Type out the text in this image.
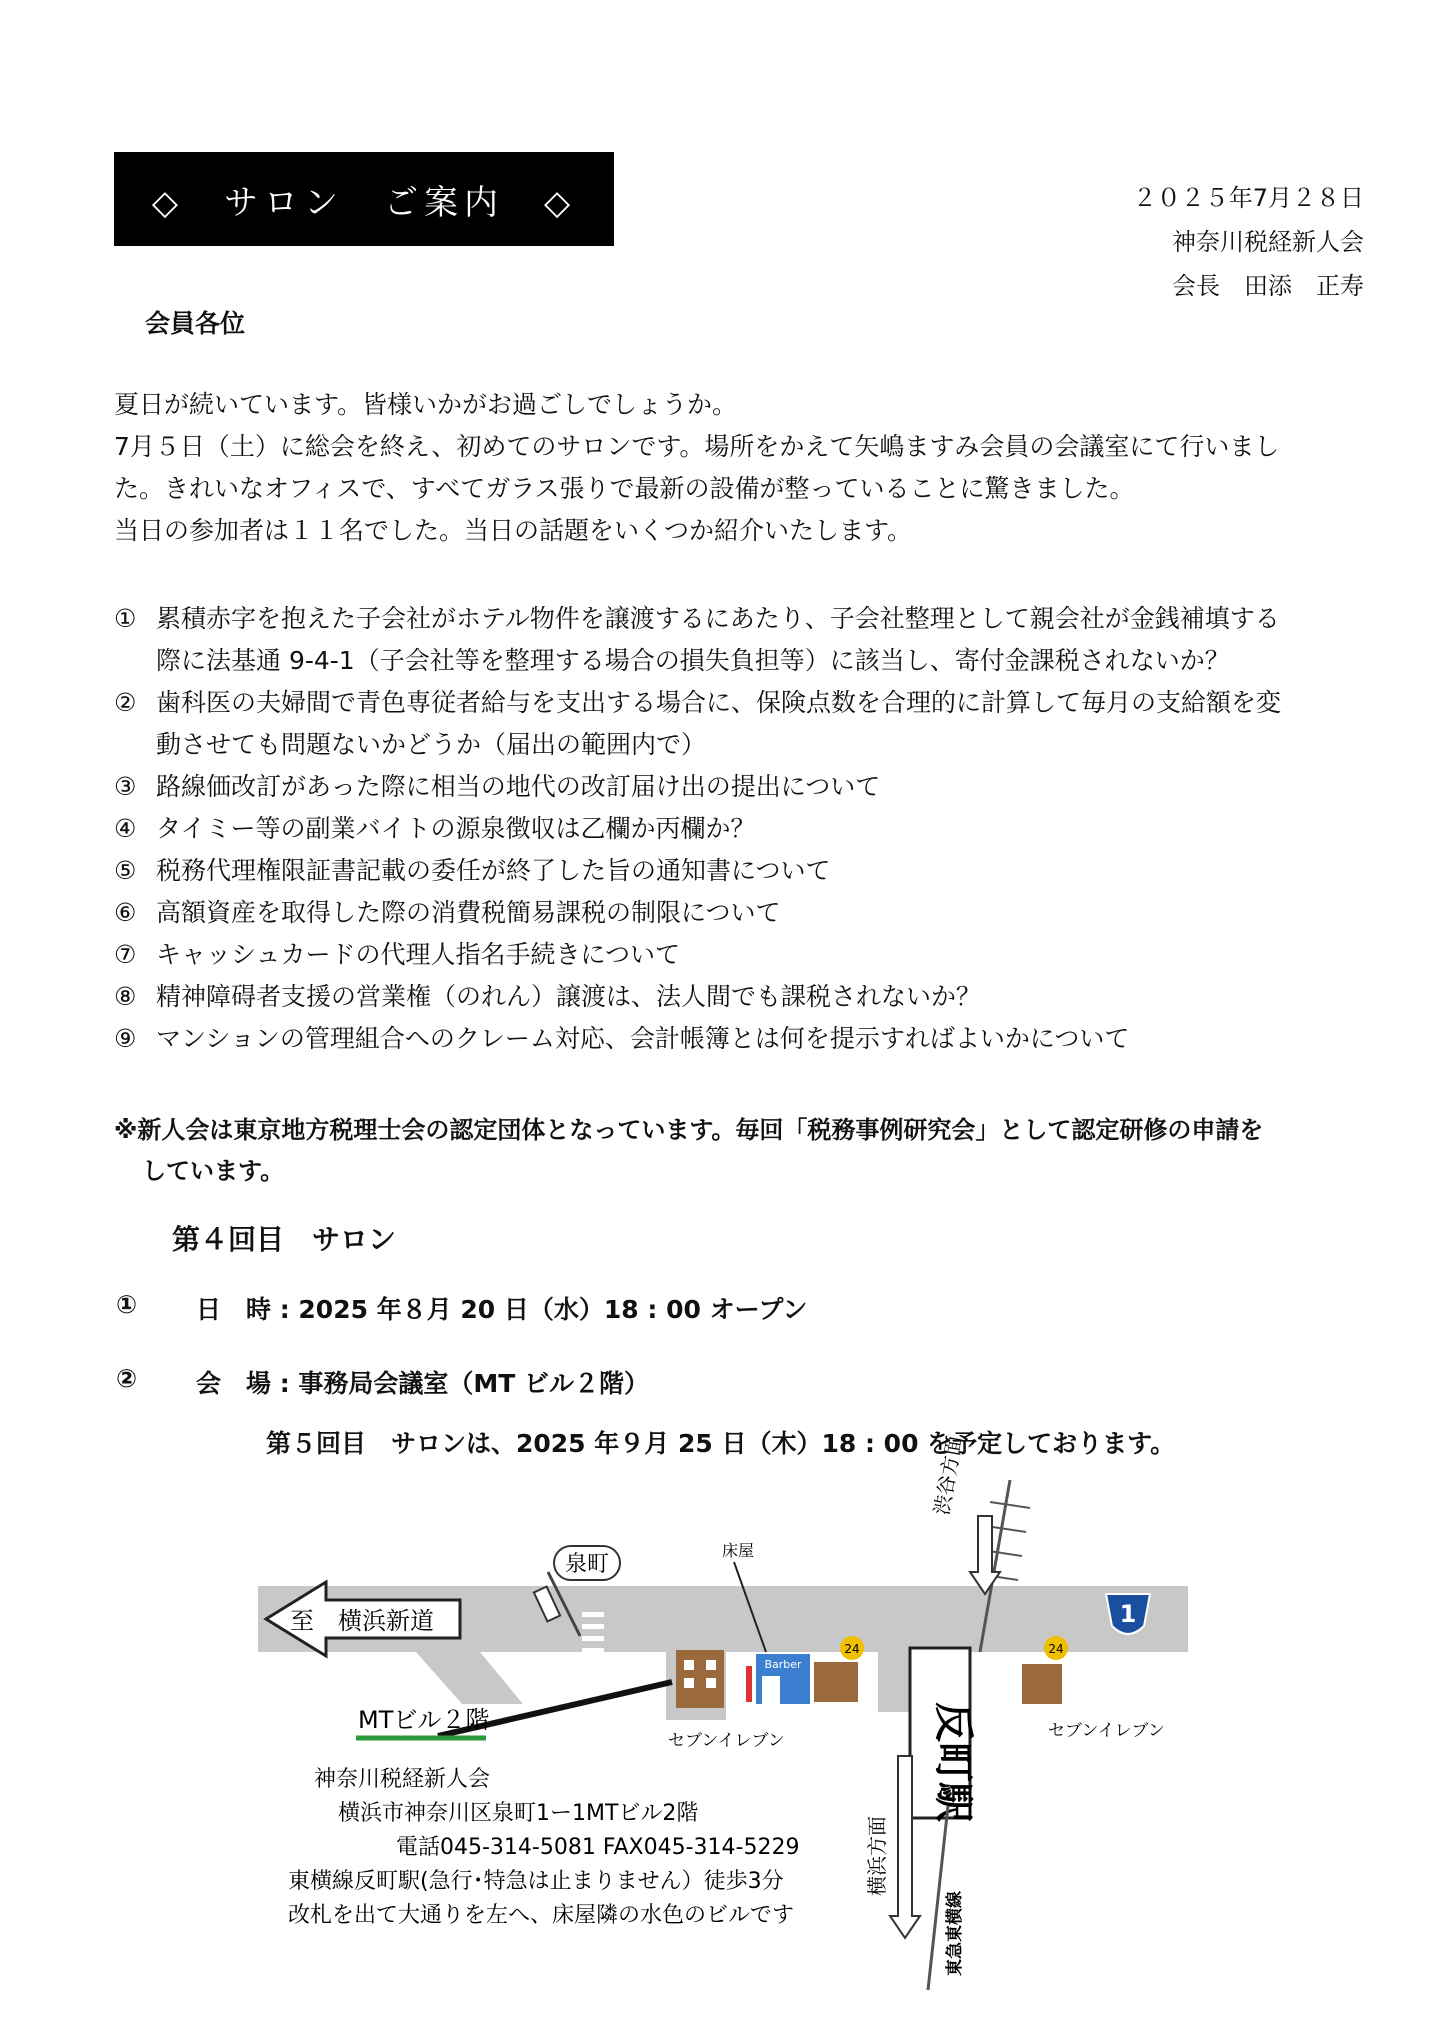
◇　サロン　ご案内　◇	２０２５年7月２８日
神奈川税経新人会
会長　田添　正寿
会員各位
夏日が続いています。皆様いかがお過ごしでしょうか。
7月５日（土）に総会を終え、初めてのサロンです。場所をかえて矢嶋ますみ会員の会議室にて行いまし
た。きれいなオフィスで、すべてガラス張りで最新の設備が整っていることに驚きました。
当日の参加者は１１名でした。当日の話題をいくつか紹介いたします。
① 累積赤字を抱えた子会社がホテル物件を譲渡するにあたり、子会社整理として親会社が金銭補填する
際に法基通 9-4-1（子会社等を整理する場合の損失負担等）に該当し、寄付金課税されないか？
② 歯科医の夫婦間で青色専従者給与を支出する場合に、保険点数を合理的に計算して毎月の支給額を変
動させても問題ないかどうか（届出の範囲内で）
③ 路線価改訂があった際に相当の地代の改訂届け出の提出について
④ タイミー等の副業バイトの源泉徴収は乙欄か丙欄か？
⑤ 税務代理権限証書記載の委任が終了した旨の通知書について
⑥ 高額資産を取得した際の消費税簡易課税の制限について
⑦ キャッシュカードの代理人指名手続きについて
⑧ 精神障碍者支援の営業権（のれん）譲渡は、法人間でも課税されないか？
⑨ マンションの管理組合へのクレーム対応、会計帳簿とは何を提示すればよいかについて
※新人会は東京地方税理士会の認定団体となっています。毎回「税務事例研究会」として認定研修の申請を
しています。
第４回目　サロン
①	日　時 : 2025 年８月 20 日（水）18 : 00 オープン
②	会　場 : 事務局会議室（MT ビル２階）
第５回目　サロンは、2025 年９月 25 日（木）18 : 00 を予定しております。
至　横浜新道
泉町
渋谷方面
1
床屋
Barber
24
セブンイレブン
24
セブンイレブン
反町駅
MTビル２階
横浜方面
東急東横線
神奈川税経新人会
横浜市神奈川区泉町1ー1MTビル2階
電話045-314-5081 FAX045-314-5229
東横線反町駅(急行･特急は止まりません）徒歩3分
改札を出て大通りを左へ、床屋隣の水色のビルです
